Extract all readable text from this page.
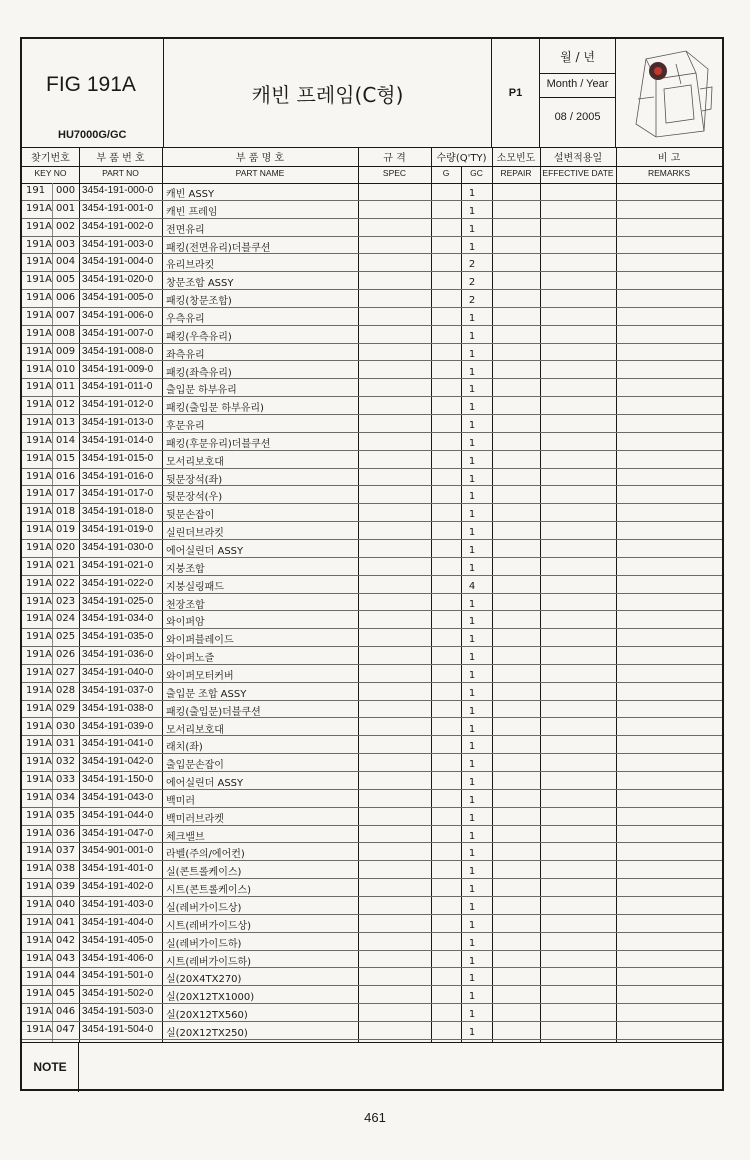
FIG 191A
HU7000G/GC
캐빈 프레임(C형)	P1
월 / 년
Month / Year
08 / 2005
찾기번호	부 품 번 호	부 품 명 호	규 격	수량(Q'TY)	소모빈도	설변적용일	비 고
KEY NO	PART NO	PART NAME	SPEC	G	GC	REPAIR	EFFECTIVE DATE	REMARKS
191 000 3454-191-000-0 캐빈 ASSY	1
191A 001 3454-191-001-0 캐빈 프레임	1
191A 002 3454-191-002-0 전면유리	1
191A 003 3454-191-003-0 패킹(전면유리)더블쿠션	1
191A 004 3454-191-004-0 유리브라킷	2
191A 005 3454-191-020-0 창문조합 ASSY	2
191A 006 3454-191-005-0 패킹(창문조합)	2
191A 007 3454-191-006-0 우측유리	1
191A 008 3454-191-007-0 패킹(우측유리)	1
191A 009 3454-191-008-0 좌측유리	1
191A 010 3454-191-009-0 패킹(좌측유리)	1
191A 011 3454-191-011-0 출입문 하부유리	1
191A 012 3454-191-012-0 패킹(출입문 하부유리)	1
191A 013 3454-191-013-0 후문유리	1
191A 014 3454-191-014-0 패킹(후문유리)더블쿠션	1
191A 015 3454-191-015-0 모서리보호대	1
191A 016 3454-191-016-0 뒷문장석(좌)	1
191A 017 3454-191-017-0 뒷문장석(우)	1
191A 018 3454-191-018-0 뒷문손잡이	1
191A 019 3454-191-019-0 실린더브라킷	1
191A 020 3454-191-030-0 에어실린더 ASSY	1
191A 021 3454-191-021-0 지붕조합	1
191A 022 3454-191-022-0 지붕실링패드	4
191A 023 3454-191-025-0 천장조합	1
191A 024 3454-191-034-0 와이퍼암	1
191A 025 3454-191-035-0 와이퍼블레이드	1
191A 026 3454-191-036-0 와이퍼노즐	1
191A 027 3454-191-040-0 와이퍼모터커버	1
191A 028 3454-191-037-0 출입문 조합 ASSY	1
191A 029 3454-191-038-0 패킹(출입문)더블쿠션	1
191A 030 3454-191-039-0 모서리보호대	1
191A 031 3454-191-041-0 래치(좌)	1
191A 032 3454-191-042-0 출입문손잡이	1
191A 033 3454-191-150-0 에어실린더 ASSY	1
191A 034 3454-191-043-0 백미러	1
191A 035 3454-191-044-0 백미러브라켓	1
191A 036 3454-191-047-0 체크밸브	1
191A 037 3454-901-001-0 라벨(주의/에어컨)	1
191A 038 3454-191-401-0 실(콘트롤케이스)	1
191A 039 3454-191-402-0 시트(콘트롤케이스)	1
191A 040 3454-191-403-0 실(레버가이드상)	1
191A 041 3454-191-404-0 시트(레버가이드상)	1
191A 042 3454-191-405-0 실(레버가이드하)	1
191A 043 3454-191-406-0 시트(레버가이드하)	1
191A 044 3454-191-501-0 실(20X4TX270)	1
191A 045 3454-191-502-0 실(20X12TX1000)	1
191A 046 3454-191-503-0 실(20X12TX560)	1
191A 047 3454-191-504-0 실(20X12TX250)	1
NOTE
461
